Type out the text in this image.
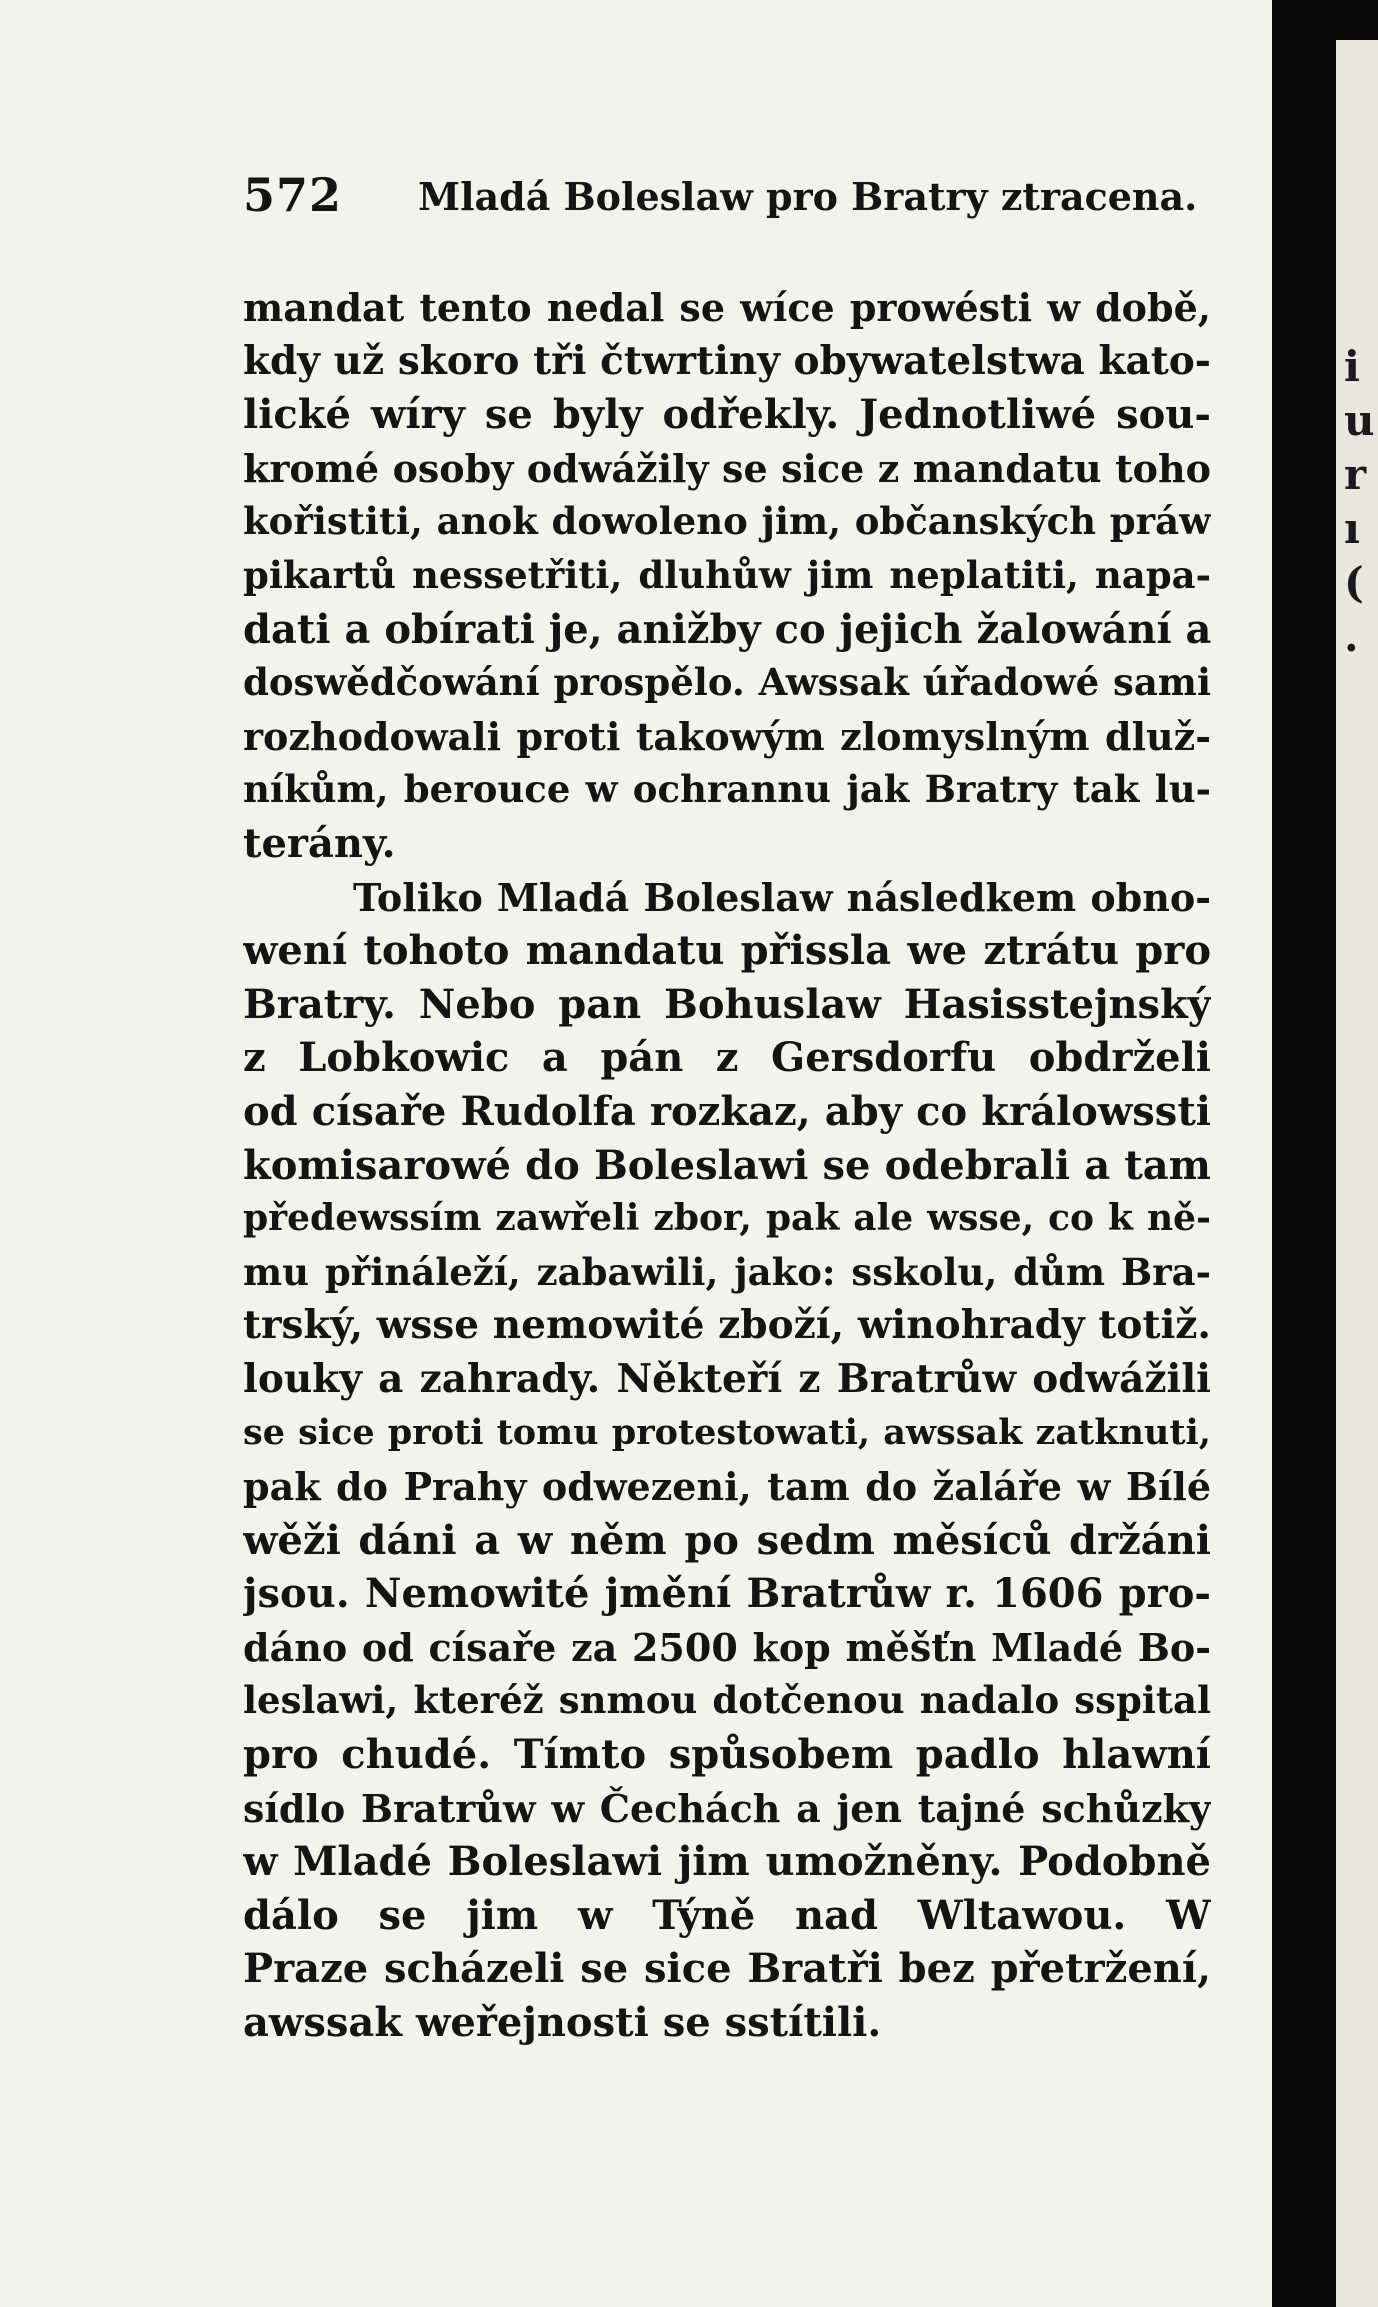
572 Mladá Boleslaw pro Bratry ztracena.
mandat tento nedal se wíce prowésti w době,
kdy už skoro tři čtwrtiny obywatelstwa kato-
lické wíry se byly odřekly. Jednotliwé sou-
kromé osoby odwážily se sice z mandatu toho
kořistiti, anok dowoleno jim, občanských práw
pikartů nessetřiti, dluhůw jim neplatiti, napa-
dati a obírati je, anižby co jejich žalowání a
doswědčowání prospělo. Awssak úřadowé sami
rozhodowali proti takowým zlomyslným dluž-
níkům, berouce w ochrannu jak Bratry tak lu-
terány.
Toliko Mladá Boleslaw následkem obno-
wení tohoto mandatu přissla we ztrátu pro
Bratry. Nebo pan Bohuslaw Hasisstejnský
z Lobkowic a pán z Gersdorfu obdrželi
od císaře Rudolfa rozkaz, aby co králowssti
komisarowé do Boleslawi se odebrali a tam
předewssím zawřeli zbor, pak ale wsse, co k ně-
mu přináleží, zabawili, jako: sskolu, dům Bra-
trský, wsse nemowité zboží, winohrady totiž.
louky a zahrady. Někteří z Bratrůw odwážili
se sice proti tomu protestowati, awssak zatknuti,
pak do Prahy odwezeni, tam do žaláře w Bílé
wěži dáni a w něm po sedm měsíců držáni
jsou. Nemowité jmění Bratrůw r. 1606 pro-
dáno od císaře za 2500 kop měšťn Mladé Bo-
leslawi, kteréž snmou dotčenou nadalo sspital
pro chudé. Tímto spůsobem padlo hlawní
sídlo Bratrůw w Čechách a jen tajné schůzky
w Mladé Boleslawi jim umožněny. Podobně
dálo se jim w Týně nad Wltawou. W
Praze scházeli se sice Bratři bez přetržení,
awssak weřejnosti se sstítili.
i
u
r
ı
(
.
